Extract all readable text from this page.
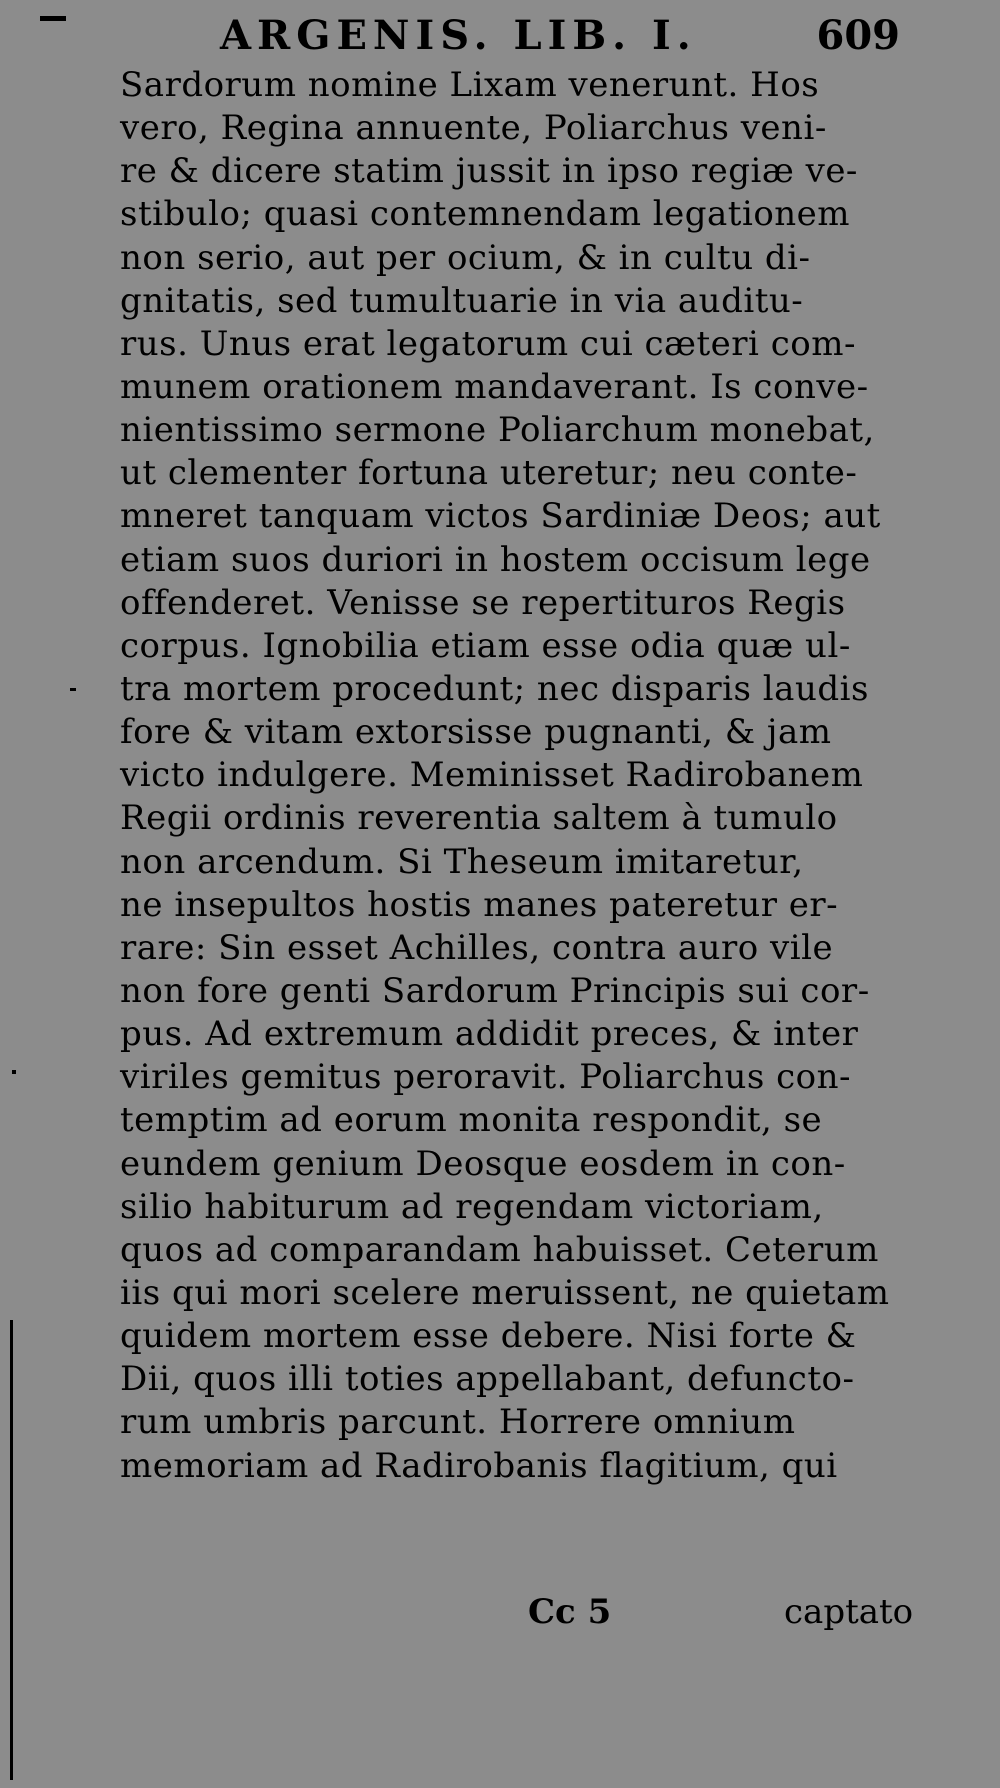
ARGENIS. LIB. I.	609
Sardorum nomine Lixam venerunt. Hos
vero, Regina annuente, Poliarchus veni-
re & dicere statim jussit in ipso regiæ ve-
stibulo; quasi contemnendam legationem
non serio, aut per ocium, & in cultu di-
gnitatis, sed tumultuarie in via auditu-
rus. Unus erat legatorum cui cæteri com-
munem orationem mandaverant. Is conve-
nientissimo sermone Poliarchum monebat,
ut clementer fortuna uteretur; neu conte-
mneret tanquam victos Sardiniæ Deos; aut
etiam suos duriori in hostem occisum lege
offenderet. Venisse se repertituros Regis
corpus. Ignobilia etiam esse odia quæ ul-
tra mortem procedunt; nec disparis laudis
fore & vitam extorsisse pugnanti, & jam
victo indulgere. Meminisset Radirobanem
Regii ordinis reverentia saltem à tumulo
non arcendum. Si Theseum imitaretur,
ne insepultos hostis manes pateretur er-
rare: Sin esset Achilles, contra auro vile
non fore genti Sardorum Principis sui cor-
pus. Ad extremum addidit preces, & inter
viriles gemitus peroravit. Poliarchus con-
temptim ad eorum monita respondit, se
eundem genium Deosque eosdem in con-
silio habiturum ad regendam victoriam,
quos ad comparandam habuisset. Ceterum
iis qui mori scelere meruissent, ne quietam
quidem mortem esse debere. Nisi forte &
Dii, quos illi toties appellabant, defuncto-
rum umbris parcunt. Horrere omnium
memoriam ad Radirobanis flagitium, qui
Cc 5	captato
